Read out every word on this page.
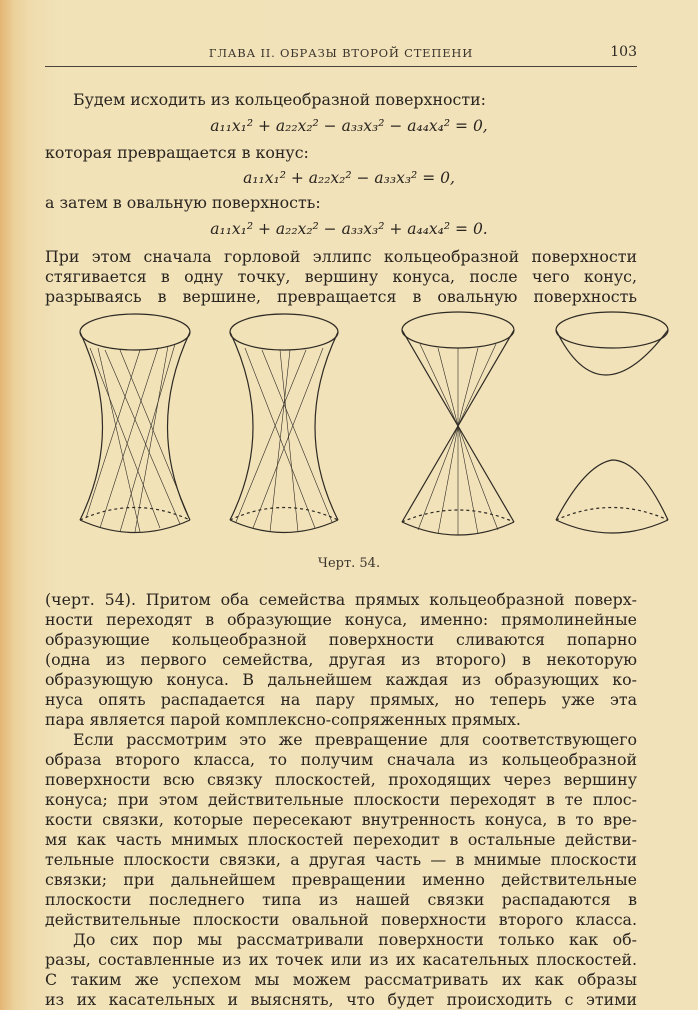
ГЛАВА II. ОБРАЗЫ ВТОРОЙ СТЕПЕНИ	103
Будем исходить из кольцеобразной поверхности:
a₁₁x₁² + a₂₂x₂² − a₃₃x₃² − a₄₄x₄² = 0,
которая превращается в конус:
a₁₁x₁² + a₂₂x₂² − a₃₃x₃² = 0,
а затем в овальную поверхность:
a₁₁x₁² + a₂₂x₂² − a₃₃x₃² + a₄₄x₄² = 0.
При этом сначала горловой эллипс кольцеобразной поверхности
стягивается в одну точку, вершину конуса, после чего конус,
разрываясь в вершине, превращается в овальную поверхность
Черт. 54.
(черт. 54). Притом оба семейства прямых кольцеобразной поверх-
ности переходят в образующие конуса, именно: прямолинейные
образующие кольцеобразной поверхности сливаются попарно
(одна из первого семейства, другая из второго) в некоторую
образующую конуса. В дальнейшем каждая из образующих ко-
нуса опять распадается на пару прямых, но теперь уже эта
пара является парой комплексно-сопряженных прямых.
Если рассмотрим это же превращение для соответствующего
образа второго класса, то получим сначала из кольцеобразной
поверхности всю связку плоскостей, проходящих через вершину
конуса; при этом действительные плоскости переходят в те плос-
кости связки, которые пересекают внутренность конуса, в то вре-
мя как часть мнимых плоскостей переходит в остальные действи-
тельные плоскости связки, а другая часть — в мнимые плоскости
связки; при дальнейшем превращении именно действительные
плоскости последнего типа из нашей связки распадаются в
действительные плоскости овальной поверхности второго класса.
До сих пор мы рассматривали поверхности только как об-
разы, составленные из их точек или из их касательных плоскостей.
С таким же успехом мы можем рассматривать их как образы
из их касательных и выяснять, что будет происходить с этими
